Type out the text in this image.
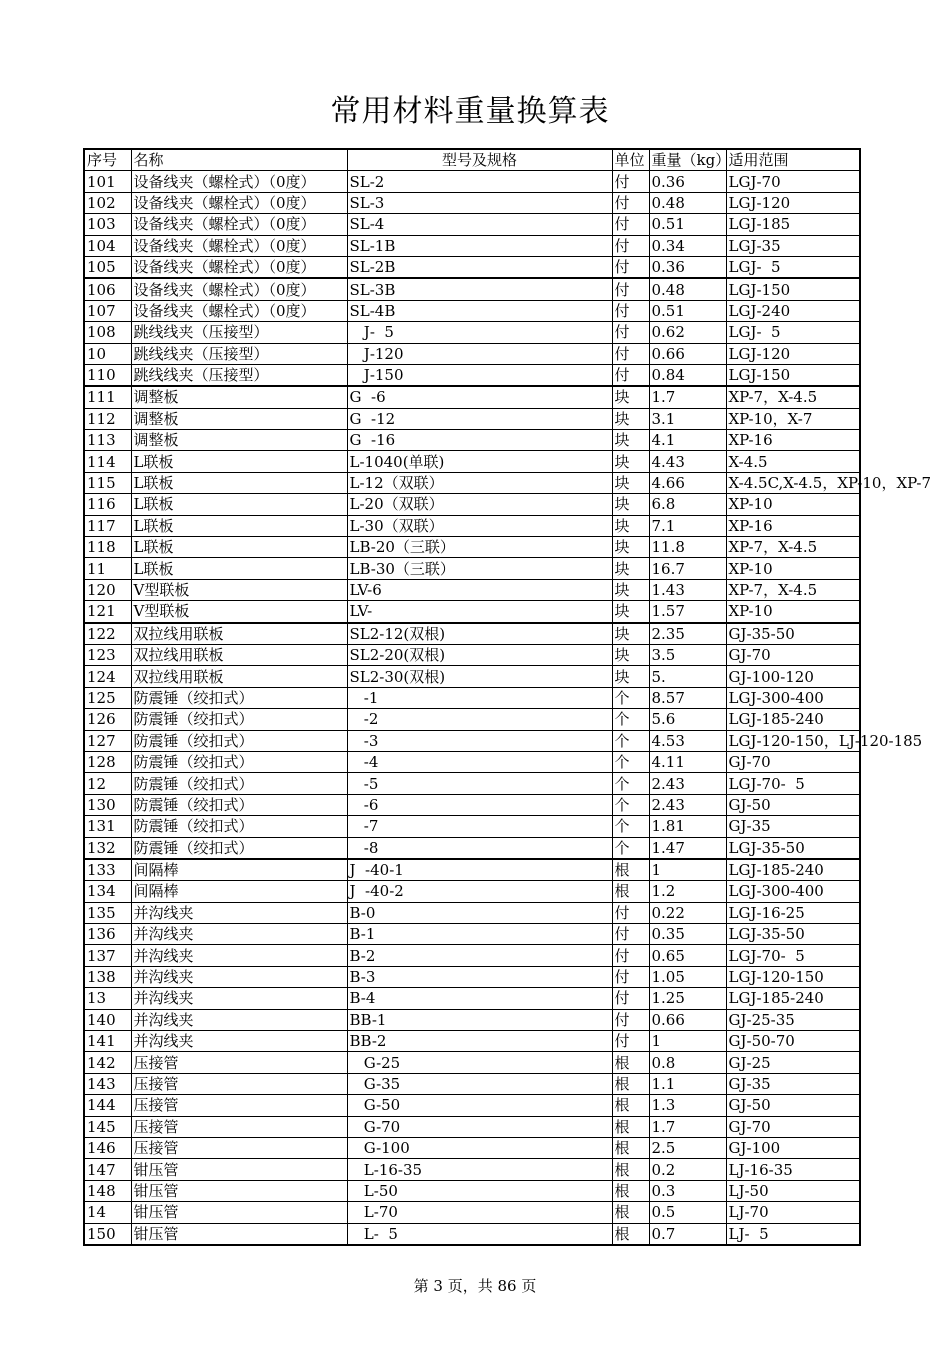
常用材料重量换算表
序号	名称	型号及规格	单位	重量（kg）	适用范围
101	设备线夹（螺栓式）（0度）	SL-2	付	0.36	LGJ-70
102	设备线夹（螺栓式）（0度）	SL-3	付	0.48	LGJ-120
103	设备线夹（螺栓式）（0度）	SL-4	付	0.51	LGJ-185
104	设备线夹（螺栓式）（0度）	SL-1B	付	0.34	LGJ-35
105	设备线夹（螺栓式）（0度）	SL-2B	付	0.36	LGJ-  5
106	设备线夹（螺栓式）（0度）	SL-3B	付	0.48	LGJ-150
107	设备线夹（螺栓式）（0度）	SL-4B	付	0.51	LGJ-240
108	跳线线夹（压接型）	J-  5	付	0.62	LGJ-  5
10	跳线线夹（压接型）	J-120	付	0.66	LGJ-120
110	跳线线夹（压接型）	J-150	付	0.84	LGJ-150
111	调整板	G  -6	块	1.7	XP-7，X-4.5
112	调整板	G  -12	块	3.1	XP-10，X-7
113	调整板	G  -16	块	4.1	XP-16
114	L联板	L-1040(单联)	块	4.43	X-4.5
115	L联板	L-12（双联）	块	4.66	X-4.5C,X-4.5，XP-10，XP-7
116	L联板	L-20（双联）	块	6.8	XP-10
117	L联板	L-30（双联）	块	7.1	XP-16
118	L联板	LB-20（三联）	块	11.8	XP-7，X-4.5
11	L联板	LB-30（三联）	块	16.7	XP-10
120	V型联板	LV-6	块	1.43	XP-7，X-4.5
121	V型联板	LV-	块	1.57	XP-10
122	双拉线用联板	SL2-12(双根)	块	2.35	GJ-35-50
123	双拉线用联板	SL2-20(双根)	块	3.5	GJ-70
124	双拉线用联板	SL2-30(双根)	块	5.	GJ-100-120
125	防震锤（绞扣式）	-1	个	8.57	LGJ-300-400
126	防震锤（绞扣式）	-2	个	5.6	LGJ-185-240
127	防震锤（绞扣式）	-3	个	4.53	LGJ-120-150，LJ-120-185
128	防震锤（绞扣式）	-4	个	4.11	GJ-70
12	防震锤（绞扣式）	-5	个	2.43	LGJ-70-  5
130	防震锤（绞扣式）	-6	个	2.43	GJ-50
131	防震锤（绞扣式）	-7	个	1.81	GJ-35
132	防震锤（绞扣式）	-8	个	1.47	LGJ-35-50
133	间隔棒	J  -40-1	根	1	LGJ-185-240
134	间隔棒	J  -40-2	根	1.2	LGJ-300-400
135	并沟线夹	B-0	付	0.22	LGJ-16-25
136	并沟线夹	B-1	付	0.35	LGJ-35-50
137	并沟线夹	B-2	付	0.65	LGJ-70-  5
138	并沟线夹	B-3	付	1.05	LGJ-120-150
13	并沟线夹	B-4	付	1.25	LGJ-185-240
140	并沟线夹	BB-1	付	0.66	GJ-25-35
141	并沟线夹	BB-2	付	1	GJ-50-70
142	压接管	G-25	根	0.8	GJ-25
143	压接管	G-35	根	1.1	GJ-35
144	压接管	G-50	根	1.3	GJ-50
145	压接管	G-70	根	1.7	GJ-70
146	压接管	G-100	根	2.5	GJ-100
147	钳压管	L-16-35	根	0.2	LJ-16-35
148	钳压管	L-50	根	0.3	LJ-50
14	钳压管	L-70	根	0.5	LJ-70
150	钳压管	L-  5	根	0.7	LJ-  5
第 3 页，共 86 页
